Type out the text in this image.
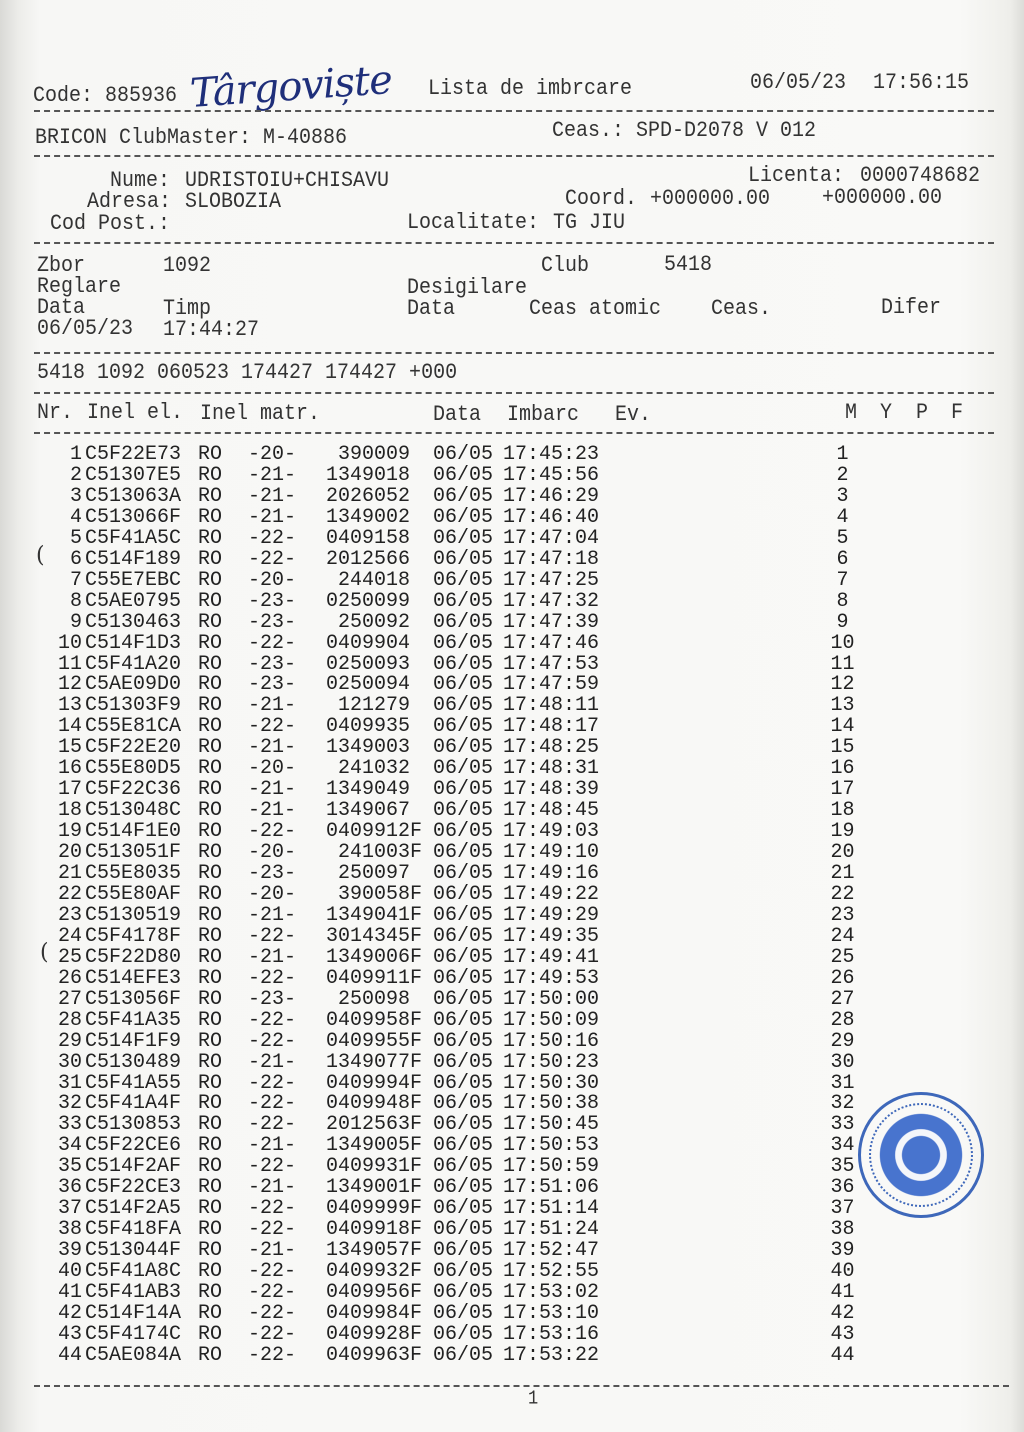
Code: 885936 Târgoviște Lista de imbrcare	06/05/23 17:56:15
BRICON ClubMaster: M-40886	Ceas.: SPD-D2078 V 012
Nume: UDRISTOIU+CHISAVU	Licenta: 0000748682
Adresa: SLOBOZIA	Coord. +000000.00	+000000.00
Cod Post.:	Localitate: TG JIU
Zbor	1092	Club	5418
Reglare	Desigilare
Data	Timp	Data	Ceas atomic Ceas.	Difer
06/05/23 17:44:27
5418 1092 060523 174427 174427 +000
Nr. Inel el. Inel matr.	Data Imbarc Ev.	M Y P F
1 C5F22E73 RO -20-	390009 06/05 17:45:23	1
2 C51307E5 RO -21-	1349018 06/05 17:45:56	2
3 C513063A RO -21-	2026052 06/05 17:46:29	3
4 C513066F RO -21-	1349002 06/05 17:46:40	4
5 C5F41A5C RO -22-	0409158 06/05 17:47:04	5
6 C514F189 RO -22-	2012566 06/05 17:47:18	6
7 C55E7EBC RO -20-	244018 06/05 17:47:25	7
8 C5AE0795 RO -23-	0250099 06/05 17:47:32	8
9 C5130463 RO -23-	250092 06/05 17:47:39	9
10 C514F1D3 RO -22-	0409904 06/05 17:47:46	10
11 C5F41A20 RO -23-	0250093 06/05 17:47:53	11
12 C5AE09D0 RO -23-	0250094 06/05 17:47:59	12
13 C51303F9 RO -21-	121279 06/05 17:48:11	13
14 C55E81CA RO -22-	0409935 06/05 17:48:17	14
15 C5F22E20 RO -21-	1349003 06/05 17:48:25	15
16 C55E80D5 RO -20-	241032 06/05 17:48:31	16
17 C5F22C36 RO -21-	1349049 06/05 17:48:39	17
18 C513048C RO -21-	1349067 06/05 17:48:45	18
19 C514F1E0 RO -22-	0409912 F 06/05 17:49:03	19
20 C513051F RO -20-	241003 F 06/05 17:49:10	20
21 C55E8035 RO -23-	250097 06/05 17:49:16	21
22 C55E80AF RO -20-	390058 F 06/05 17:49:22	22
23 C5130519 RO -21-	1349041 F 06/05 17:49:29	23
24 C5F4178F RO -22-	3014345 F 06/05 17:49:35	24
25 C5F22D80 RO -21-	1349006 F 06/05 17:49:41	25
26 C514EFE3 RO -22-	0409911 F 06/05 17:49:53	26
27 C513056F RO -23-	250098 06/05 17:50:00	27
28 C5F41A35 RO -22-	0409958 F 06/05 17:50:09	28
29 C514F1F9 RO -22-	0409955 F 06/05 17:50:16	29
30 C5130489 RO -21-	1349077 F 06/05 17:50:23	30
31 C5F41A55 RO -22-	0409994 F 06/05 17:50:30	31
32 C5F41A4F RO -22-	0409948 F 06/05 17:50:38	32
33 C5130853 RO -22-	2012563 F 06/05 17:50:45	33
34 C5F22CE6 RO -21-	1349005 F 06/05 17:50:53	34
35 C514F2AF RO -22-	0409931 F 06/05 17:50:59	35
36 C5F22CE3 RO -21-	1349001 F 06/05 17:51:06	36
37 C514F2A5 RO -22-	0409999 F 06/05 17:51:14	37
38 C5F418FA RO -22-	0409918 F 06/05 17:51:24	38
39 C513044F RO -21-	1349057 F 06/05 17:52:47	39
40 C5F41A8C RO -22-	0409932 F 06/05 17:52:55	40
41 C5F41AB3 RO -22-	0409956 F 06/05 17:53:02	41
42 C514F14A RO -22-	0409984 F 06/05 17:53:10	42
43 C5F4174C RO -22-	0409928 F 06/05 17:53:16	43
44 C5AE084A RO -22-	0409963 F 06/05 17:53:22	44
(
(
1
